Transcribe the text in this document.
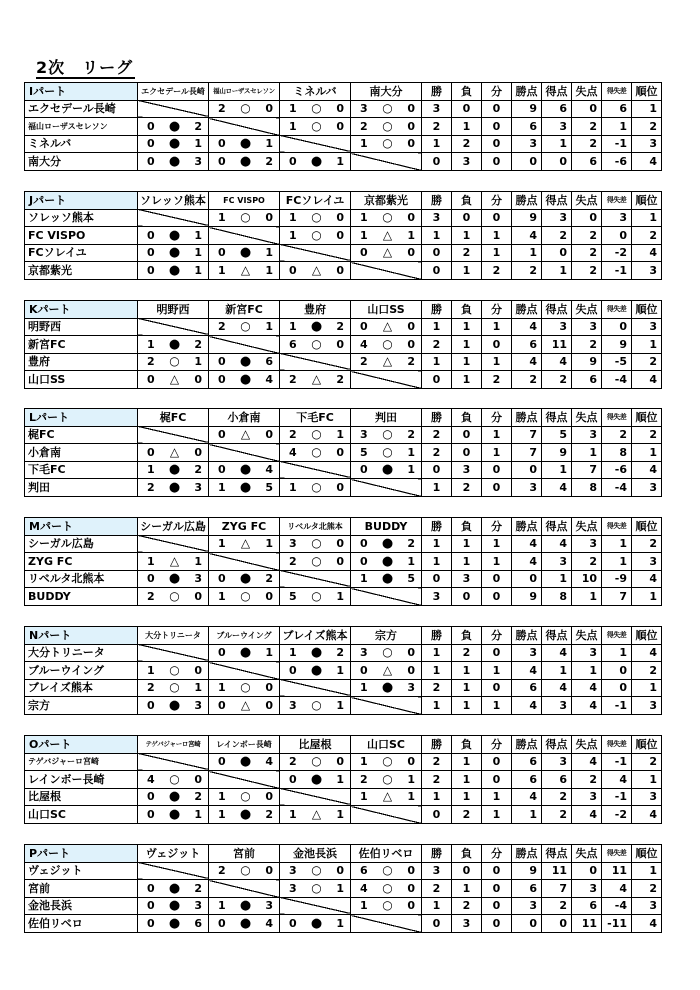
2次　リーグ
Iパート	エクセデール長崎	福山ローザスセレソン	ミネルバ	南大分	勝	負	分	勝点	得点	失点	得失差	順位
エクセデール長崎		2 ○ 0	1 ○ 0	3 ○ 0	3	0	0	9	6	0	6	1
福山ローザスセレソン	0 ● 2		1 ○ 0	2 ○ 0	2	1	0	6	3	2	1	2
ミネルバ	0 ● 1	0 ● 1		1 ○ 0	1	2	0	3	1	2	-1	3
南大分	0 ● 3	0 ● 2	0 ● 1		0	3	0	0	0	6	-6	4
Jパート	ソレッソ熊本	FC VISPO	FCソレイユ	京都紫光	勝	負	分	勝点	得点	失点	得失差	順位
ソレッソ熊本		1 ○ 0	1 ○ 0	1 ○ 0	3	0	0	9	3	0	3	1
FC VISPO	0 ● 1		1 ○ 0	1 △ 1	1	1	1	4	2	2	0	2
FCソレイユ	0 ● 1	0 ● 1		0 △ 0	0	2	1	1	0	2	-2	4
京都紫光	0 ● 1	1 △ 1	0 △ 0		0	1	2	2	1	2	-1	3
Kパート	明野西	新宮FC	豊府	山口SS	勝	負	分	勝点	得点	失点	得失差	順位
明野西		2 ○ 1	1 ● 2	0 △ 0	1	1	1	4	3	3	0	3
新宮FC	1 ● 2		6 ○ 0	4 ○ 0	2	1	0	6	11	2	9	1
豊府	2 ○ 1	0 ● 6		2 △ 2	1	1	1	4	4	9	-5	2
山口SS	0 △ 0	0 ● 4	2 △ 2		0	1	2	2	2	6	-4	4
Lパート	梶FC	小倉南	下毛FC	判田	勝	負	分	勝点	得点	失点	得失差	順位
梶FC		0 △ 0	2 ○ 1	3 ○ 2	2	0	1	7	5	3	2	2
小倉南	0 △ 0		4 ○ 0	5 ○ 1	2	0	1	7	9	1	8	1
下毛FC	1 ● 2	0 ● 4		0 ● 1	0	3	0	0	1	7	-6	4
判田	2 ● 3	1 ● 5	1 ○ 0		1	2	0	3	4	8	-4	3
Mパート	シーガル広島	ZYG FC	リベルタ北熊本	BUDDY	勝	負	分	勝点	得点	失点	得失差	順位
シーガル広島		1 △ 1	3 ○ 0	0 ● 2	1	1	1	4	4	3	1	2
ZYG FC	1 △ 1		2 ○ 0	0 ● 1	1	1	1	4	3	2	1	3
リベルタ北熊本	0 ● 3	0 ● 2		1 ● 5	0	3	0	0	1	10	-9	4
BUDDY	2 ○ 0	1 ○ 0	5 ○ 1		3	0	0	9	8	1	7	1
Nパート	大分トリニータ	ブルーウイング	ブレイズ熊本	宗方	勝	負	分	勝点	得点	失点	得失差	順位
大分トリニータ		0 ● 1	1 ● 2	3 ○ 0	1	2	0	3	4	3	1	4
ブルーウイング	1 ○ 0		0 ● 1	0 △ 0	1	1	1	4	1	1	0	2
ブレイズ熊本	2 ○ 1	1 ○ 0		1 ● 3	2	1	0	6	4	4	0	1
宗方	0 ● 3	0 △ 0	3 ○ 1		1	1	1	4	3	4	-1	3
Oパート	テゲバジャーロ宮崎	レインボー長崎	比屋根	山口SC	勝	負	分	勝点	得点	失点	得失差	順位
テゲバジャーロ宮崎		0 ● 4	2 ○ 0	1 ○ 0	2	1	0	6	3	4	-1	2
レインボー長崎	4 ○ 0		0 ● 1	2 ○ 1	2	1	0	6	6	2	4	1
比屋根	0 ● 2	1 ○ 0		1 △ 1	1	1	1	4	2	3	-1	3
山口SC	0 ● 1	1 ● 2	1 △ 1		0	2	1	1	2	4	-2	4
Pパート	ヴェジット	宮前	金池長浜	佐伯リベロ	勝	負	分	勝点	得点	失点	得失差	順位
ヴェジット		2 ○ 0	3 ○ 0	6 ○ 0	3	0	0	9	11	0	11	1
宮前	0 ● 2		3 ○ 1	4 ○ 0	2	1	0	6	7	3	4	2
金池長浜	0 ● 3	1 ● 3		1 ○ 0	1	2	0	3	2	6	-4	3
佐伯リベロ	0 ● 6	0 ● 4	0 ● 1		0	3	0	0	0	11	-11	4
